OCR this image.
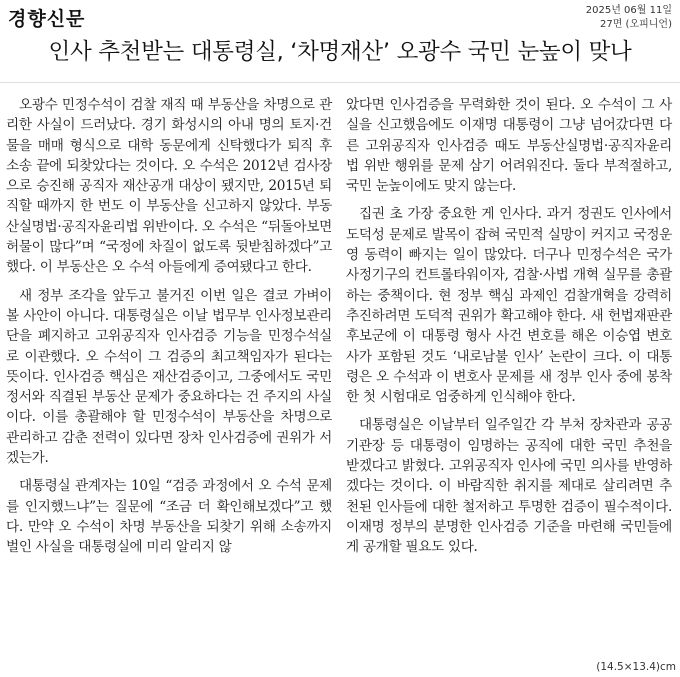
경향신문	2025년 06월 11일
27면 (오피니언)
인사 추천받는 대통령실, ‘차명재산’ 오광수 국민 눈높이 맞나

오광수 민정수석이 검찰 재직 때 부동산을 차명으로 관리한 사실이 드러났다. 경기 화성시의 아내 명의 토지·건물을 매매 형식으로 대학 동문에게 신탁했다가 퇴직 후 소송 끝에 되찾았다는 것이다. 오 수석은 2012년 검사장으로 승진해 공직자 재산공개 대상이 됐지만, 2015년 퇴직할 때까지 한 번도 이 부동산을 신고하지 않았다. 부동산실명법·공직자윤리법 위반이다. 오 수석은 “뒤돌아보면 허물이 많다”며 “국정에 차질이 없도록 뒷받침하겠다”고 했다. 이 부동산은 오 수석 아들에게 증여됐다고 한다.

새 정부 조각을 앞두고 불거진 이번 일은 결코 가벼이 볼 사안이 아니다. 대통령실은 이날 법무부 인사정보관리단을 폐지하고 고위공직자 인사검증 기능을 민정수석실로 이관했다. 오 수석이 그 검증의 최고책임자가 된다는 뜻이다. 인사검증 핵심은 재산검증이고, 그중에서도 국민 정서와 직결된 부동산 문제가 중요하다는 건 주지의 사실이다. 이를 총괄해야 할 민정수석이 부동산을 차명으로 관리하고 감춘 전력이 있다면 장차 인사검증에 권위가 서겠는가.

대통령실 관계자는 10일 “검증 과정에서 오 수석 문제를 인지했느냐”는 질문에 “조금 더 확인해보겠다”고 했다. 만약 오 수석이 차명 부동산을 되찾기 위해 소송까지 벌인 사실을 대통령실에 미리 알리지 않

았다면 인사검증을 무력화한 것이 된다. 오 수석이 그 사실을 신고했음에도 이재명 대통령이 그냥 넘어갔다면 다른 고위공직자 인사검증 때도 부동산실명법·공직자윤리법 위반 행위를 문제 삼기 어려워진다. 둘다 부적절하고, 국민 눈높이에도 맞지 않는다.

집권 초 가장 중요한 게 인사다. 과거 정권도 인사에서 도덕성 문제로 발목이 잡혀 국민적 실망이 커지고 국정운영 동력이 빠지는 일이 많았다. 더구나 민정수석은 국가 사정기구의 컨트롤타워이자, 검찰·사법 개혁 실무를 총괄하는 중책이다. 현 정부 핵심 과제인 검찰개혁을 강력히 추진하려면 도덕적 권위가 확고해야 한다. 새 헌법재판관 후보군에 이 대통령 형사 사건 변호를 해온 이승엽 변호사가 포함된 것도 ‘내로남불 인사’ 논란이 크다. 이 대통령은 오 수석과 이 변호사 문제를 새 정부 인사 중에 봉착한 첫 시험대로 엄중하게 인식해야 한다.

대통령실은 이날부터 일주일간 각 부처 장차관과 공공기관장 등 대통령이 임명하는 공직에 대한 국민 추천을 받겠다고 밝혔다. 고위공직자 인사에 국민 의사를 반영하겠다는 것이다. 이 바람직한 취지를 제대로 살리려면 추천된 인사들에 대한 철저하고 투명한 검증이 필수적이다. 이재명 정부의 분명한 인사검증 기준을 마련해 국민들에게 공개할 필요도 있다.

(14.5×13.4)cm
